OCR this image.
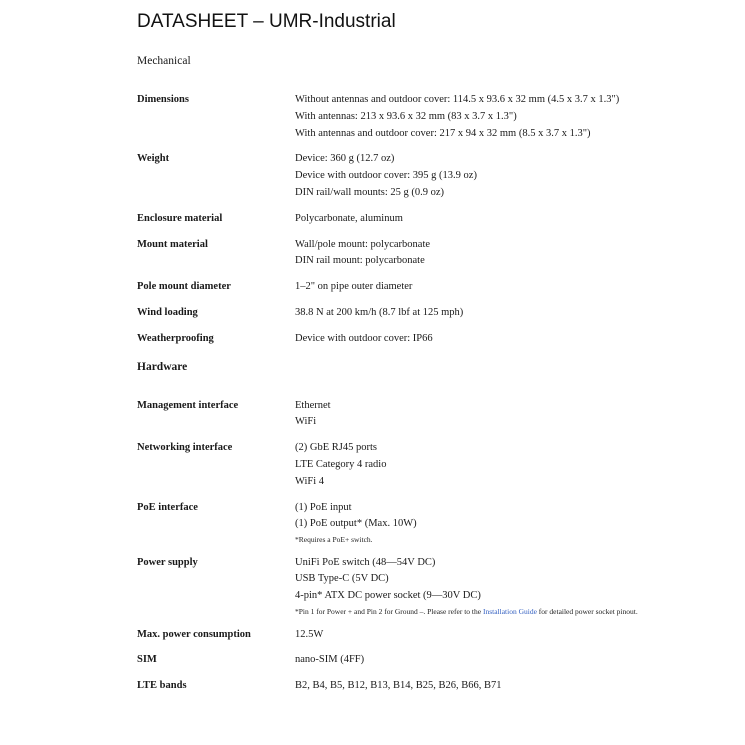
DATASHEET – UMR-Industrial
Mechanical
Dimensions	Without antennas and outdoor cover: 114.5 x 93.6 x 32 mm (4.5 x 3.7 x 1.3")
With antennas: 213 x 93.6 x 32 mm (83 x 3.7 x 1.3")
With antennas and outdoor cover: 217 x 94 x 32 mm (8.5 x 3.7 x 1.3")
Weight	Device: 360 g (12.7 oz)
Device with outdoor cover: 395 g (13.9 oz)
DIN rail/wall mounts: 25 g (0.9 oz)
Enclosure material	Polycarbonate, aluminum
Mount material	Wall/pole mount: polycarbonate
DIN rail mount: polycarbonate
Pole mount diameter	1–2" on pipe outer diameter
Wind loading	38.8 N at 200 km/h (8.7 lbf at 125 mph)
Weatherproofing	Device with outdoor cover: IP66
Hardware
Management interface	Ethernet
WiFi
Networking interface	(2) GbE RJ45 ports
LTE Category 4 radio
WiFi 4
PoE interface	(1) PoE input
(1) PoE output* (Max. 10W)
*Requires a PoE+ switch.
Power supply	UniFi PoE switch (48—54V DC)
USB Type-C (5V DC)
4-pin* ATX DC power socket (9—30V DC)
*Pin 1 for Power + and Pin 2 for Ground –. Please refer to the Installation Guide for detailed power socket pinout.
Max. power consumption	12.5W
SIM	nano-SIM (4FF)
LTE bands	B2, B4, B5, B12, B13, B14, B25, B26, B66, B71
